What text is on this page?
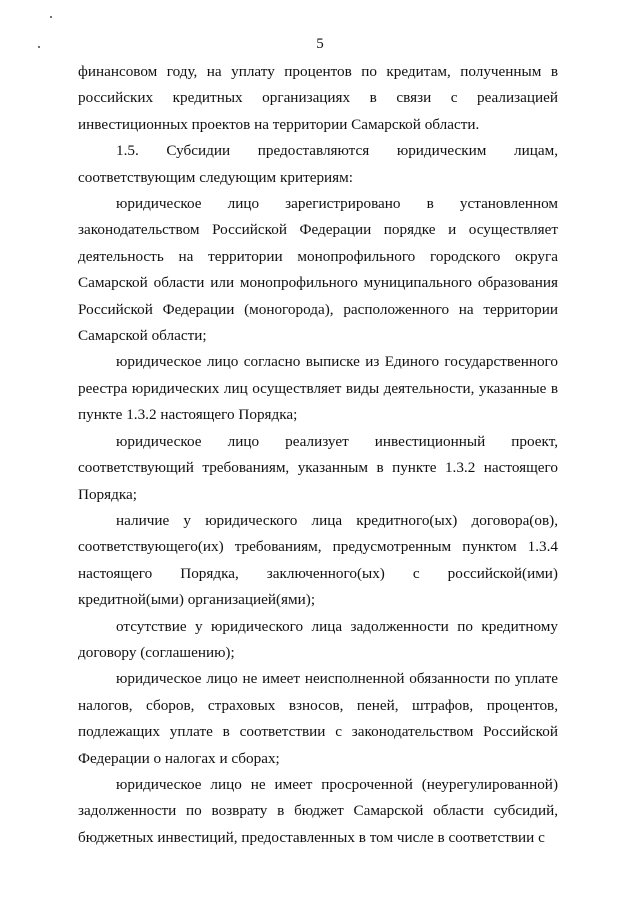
5

финансовом году, на уплату процентов по кредитам, полученным в российских кредитных организациях в связи с реализацией инвестиционных проектов на территории Самарской области.

1.5. Субсидии предоставляются юридическим лицам, соответствующим следующим критериям:

юридическое лицо зарегистрировано в установленном законодательством Российской Федерации порядке и осуществляет деятельность на территории монопрофильного городского округа Самарской области или монопрофильного муниципального образования Российской Федерации (моногорода), расположенного на территории Самарской области;

юридическое лицо согласно выписке из Единого государственного реестра юридических лиц осуществляет виды деятельности, указанные в пункте 1.3.2 настоящего Порядка;

юридическое лицо реализует инвестиционный проект, соответствующий требованиям, указанным в пункте 1.3.2 настоящего Порядка;

наличие у юридического лица кредитного(ых) договора(ов), соответствующего(их) требованиям, предусмотренным пунктом 1.3.4 настоящего Порядка, заключенного(ых) с российской(ими) кредитной(ыми) организацией(ями);

отсутствие у юридического лица задолженности по кредитному договору (соглашению);

юридическое лицо не имеет неисполненной обязанности по уплате налогов, сборов, страховых взносов, пеней, штрафов, процентов, подлежащих уплате в соответствии с законодательством Российской Федерации о налогах и сборах;

юридическое лицо не имеет просроченной (неурегулированной) задолженности по возврату в бюджет Самарской области субсидий, бюджетных инвестиций, предоставленных в том числе в соответствии с
